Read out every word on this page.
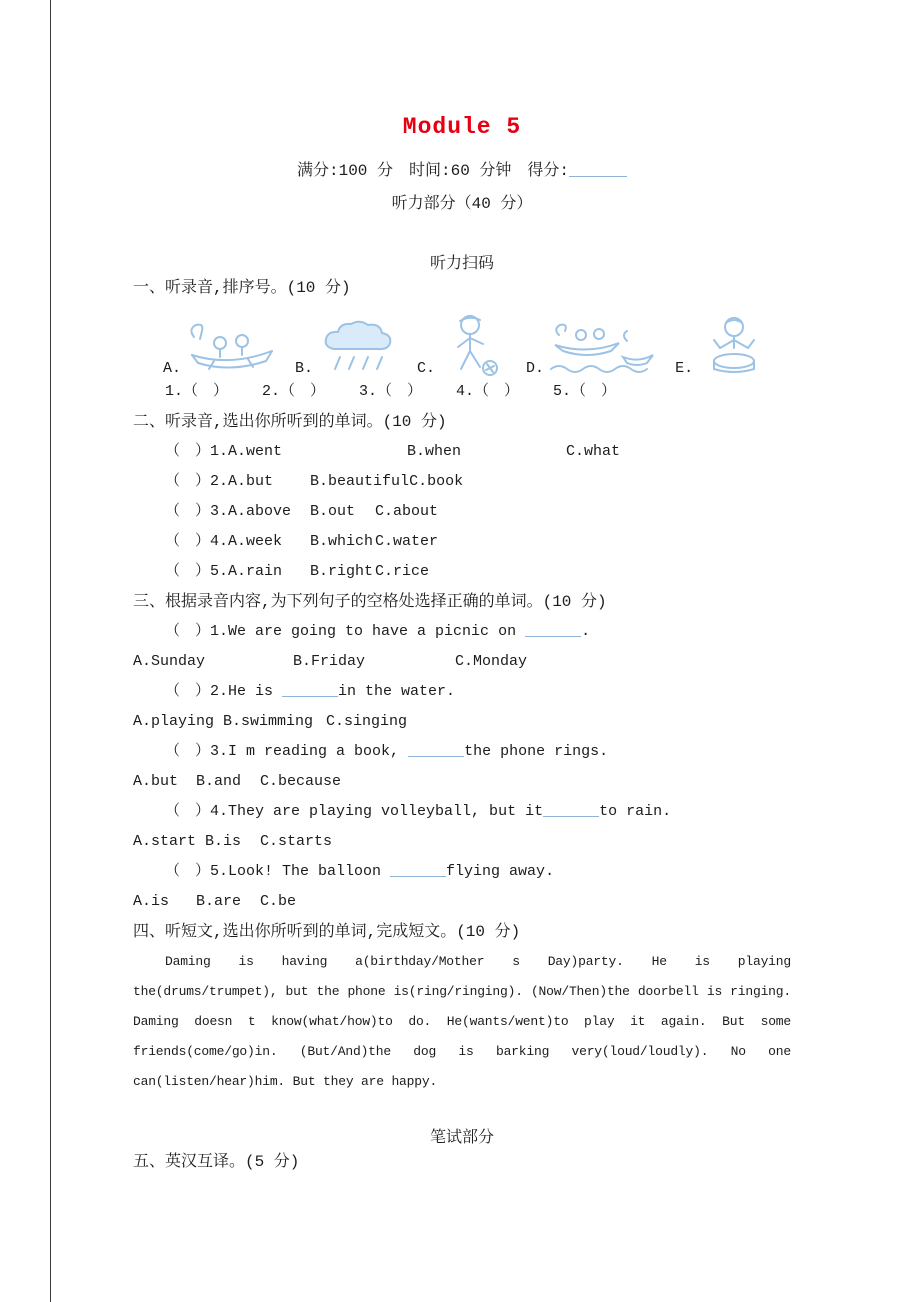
Module 5
满分:100 分　时间:60 分钟　得分:
听力部分（40 分）
听力扫码
一、听录音,排序号。(10 分)
A.	B.	C.	D.	E.
1.（　） 2.（　） 3.（　） 4.（　） 5.（　）
二、听录音,选出你所听到的单词。(10 分)
（　）1.A.went	B.when	C.what
（　）2.A.but B.beautifulC.book
（　）3.A.above B.out C.about
（　）4.A.week B.which C.water
（　）5.A.rain B.right C.rice
三、根据录音内容,为下列句子的空格处选择正确的单词。(10 分)
（　）1.We are going to have a picnic on	.
A.Sunday	B.Friday	C.Monday
（　）2.He is	in the water.
A.playing B.swimming C.singing
（　）3.I m reading a book,	the phone rings.
A.but B.and C.because
（　）4.They are playing volleyball, but it	to rain.
A.start B.is C.starts
（　）5.Look! The balloon	flying away.
A.is B.are C.be
四、听短文,选出你所听到的单词,完成短文。(10 分)
Daming is having a(birthday/Mother s Day)party. He is playing
the(drums/trumpet), but the phone is(ring/ringing). (Now/Then)the doorbell is ringing.
Daming doesn t know(what/how)to do. He(wants/went)to play it again. But some
friends(come/go)in. (But/And)the dog is barking very(loud/loudly). No one
can(listen/hear)him. But they are happy.
笔试部分
五、英汉互译。(5 分)
